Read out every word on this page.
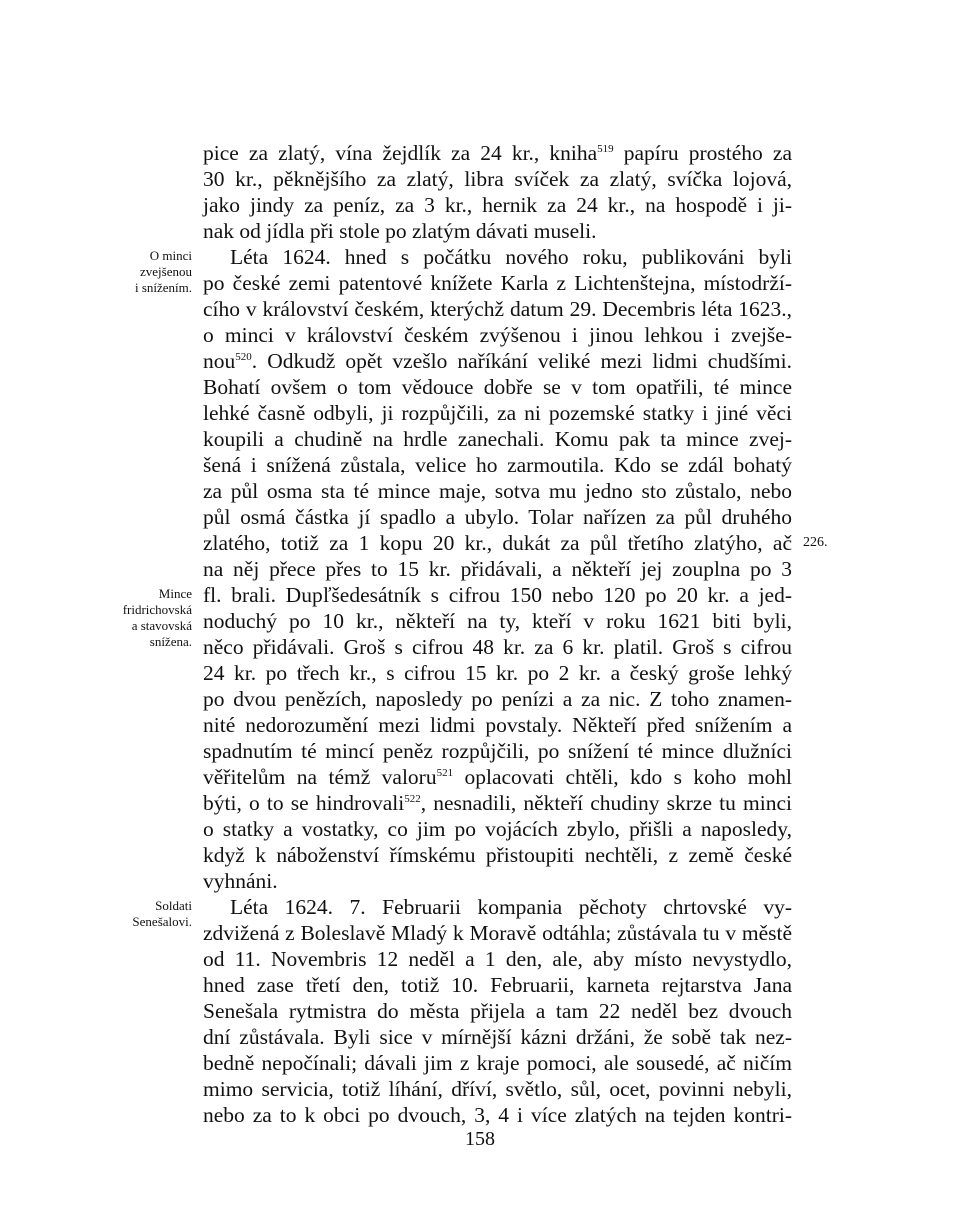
pice za zlatý, vína žejdlík za 24 kr., kniha$^{519}$ papíru prostého za
30 kr., pěknějšího za zlatý, libra svíček za zlatý, svíčka lojová,
jako jindy za peníz, za 3 kr., hernik za 24 kr., na hospodě i ji-
nak od jídla při stole po zlatým dávati museli.
Léta 1624. hned s počátku nového roku, publikováni byli
po české zemi patentové knížete Karla z Lichtenštejna, místodrží-
cího v království českém, kterýchž datum 29. Decembris léta 1623.,
o minci v království českém zvýšenou i jinou lehkou i zvejše-
nou$^{520}$. Odkudž opět vzešlo naříkání veliké mezi lidmi chudšími.
Bohatí ovšem o tom vědouce dobře se v tom opatřili, té mince
lehké časně odbyli, ji rozpůjčili, za ni pozemské statky i jiné věci
koupili a chudině na hrdle zanechali. Komu pak ta mince zvej-
šená i snížená zůstala, velice ho zarmoutila. Kdo se zdál bohatý
za půl osma sta té mince maje, sotva mu jedno sto zůstalo, nebo
půl osmá částka jí spadlo a ubylo. Tolar nařízen za půl druhého
zlatého, totiž za 1 kopu 20 kr., dukát za půl třetího zlatýho, ač
na něj přece přes to 15 kr. přidávali, a někteří jej zouplna po 3
fl. brali. Dupľšedesátník s cifrou 150 nebo 120 po 20 kr. a jed-
noduchý po 10 kr., někteří na ty, kteří v roku 1621 biti byli,
něco přidávali. Groš s cifrou 48 kr. za 6 kr. platil. Groš s cifrou
24 kr. po třech kr., s cifrou 15 kr. po 2 kr. a český groše lehký
po dvou penězích, naposledy po penízi a za nic. Z toho znamen-
nité nedorozumění mezi lidmi povstaly. Někteří před snížením a
spadnutím té mincí peněz rozpůjčili, po snížení té mince dlužníci
věřitelům na témž valoru$^{521}$ oplacovati chtěli, kdo s koho mohl
býti, o to se hindrovali$^{522}$, nesnadili, někteří chudiny skrze tu minci
o statky a vostatky, co jim po vojácích zbylo, přišli a naposledy,
když k náboženství římskému přistoupiti nechtěli, z země české
vyhnáni.
Léta 1624. 7. Februarii kompania pěchoty chrtovské vy-
zdvižená z Boleslavě Mladý k Moravě odtáhla; zůstávala tu v městě
od 11. Novembris 12 neděl a 1 den, ale, aby místo nevystydlo,
hned zase třetí den, totiž 10. Februarii, karneta rejtarstva Jana
Senešala rytmistra do města přijela a tam 22 neděl bez dvouch
dní zůstávala. Byli sice v mírnější kázni držáni, že sobě tak nez-
bedně nepočínali; dávali jim z kraje pomoci, ale sousedé, ač ničím
mimo servicia, totiž líhání, dříví, světlo, sůl, ocet, povinni nebyli,
nebo za to k obci po dvouch, 3, 4 i více zlatých na tejden kontri-
O minci
zvejšenou
i snížením.
Mince
fridrichovská
a stavovská
snížena.
Soldati
Senešalovi.
226.
158
